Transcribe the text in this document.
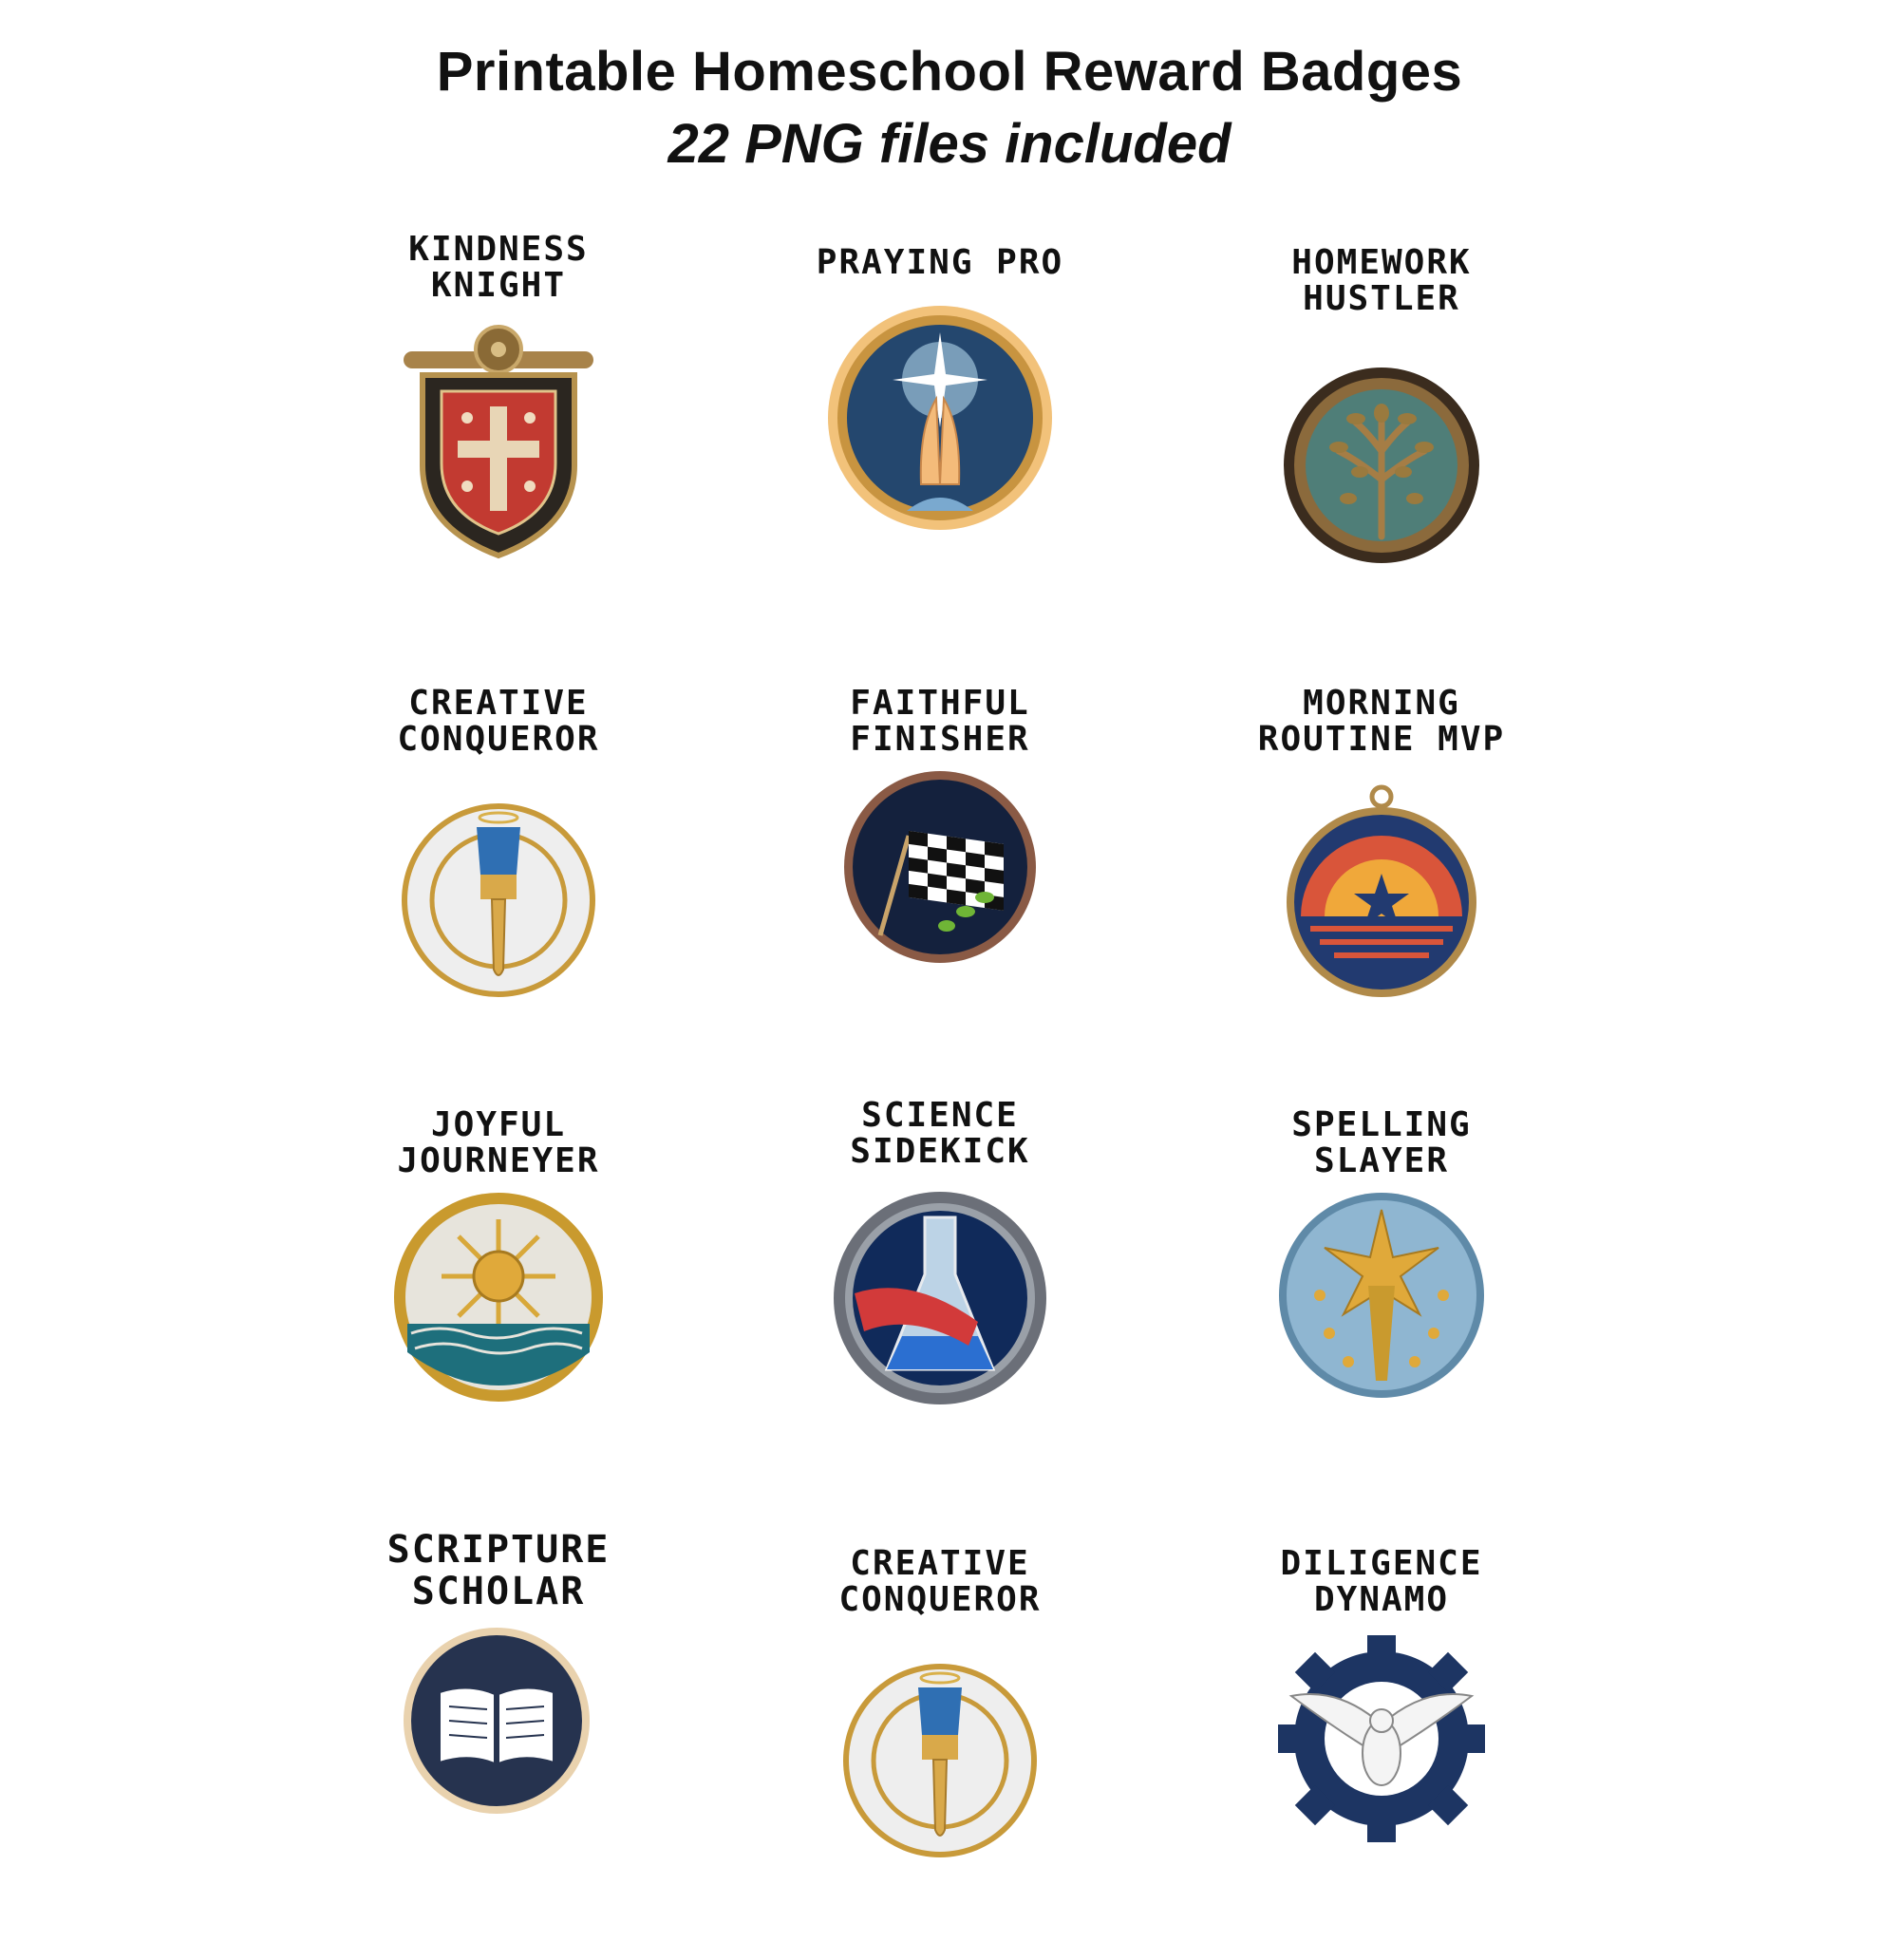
Printable Homeschool Reward Badges
22 PNG files included
KINDNESS
KNIGHT
PRAYING PRO	HOMEWORK
HUSTLER
CREATIVE
CONQUEROR
FAITHFUL
FINISHER
MORNING
ROUTINE MVP
JOYFUL
JOURNEYER
SCIENCE
SIDEKICK
SPELLING
SLAYER
SCRIPTURE
SCHOLAR
CREATIVE
CONQUEROR
DILIGENCE
DYNAMO
